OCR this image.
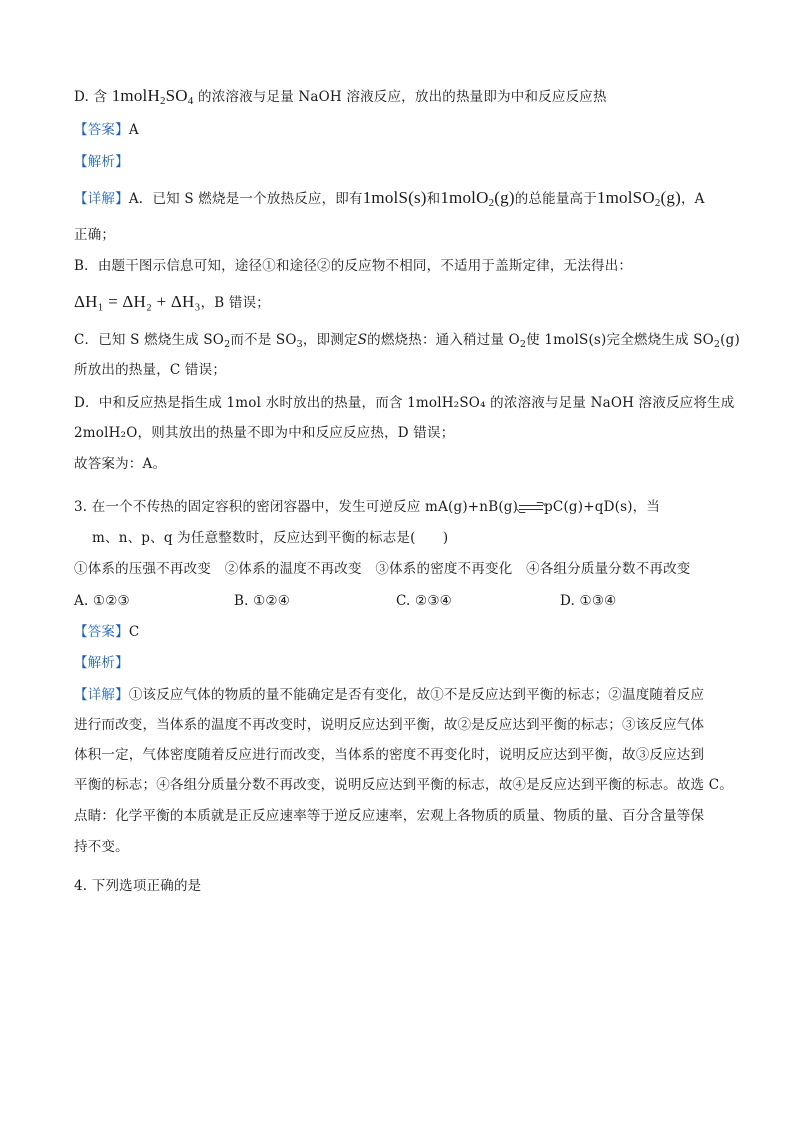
D. 含 $1molH_2SO_4$ 的浓溶液与足量 NaOH 溶液反应，放出的热量即为中和反应反应热
【答案】A
【解析】
【详解】A．已知 S 燃烧是一个放热反应，即有1molS(s)和1molO$_2$(g)的总能量高于1molSO$_2$(g)，A
正确；
B．由题干图示信息可知，途径①和途径②的反应物不相同，不适用于盖斯定律，无法得出：
ΔH₁ = ΔH₂ + ΔH₃，B 错误；
C．已知 S 燃烧生成 $SO_2$而不是 $SO_3$，即测定S的燃烧热：通入稍过量 $O_2$使 1molS(s)完全燃烧生成 $SO_2(g)$
所放出的热量，C 错误；
D．中和反应热是指生成 1mol 水时放出的热量，而含 1molH₂SO₄ 的浓溶液与足量 NaOH 溶液反应将生成
2molH₂O，则其放出的热量不即为中和反应反应热，D 错误；
故答案为：A。
3. 在一个不传热的固定容积的密闭容器中，发生可逆反应 mA(g)+nB(g)→pC(g)+qD(s)，当
m、n、p、q 为任意整数时，反应达到平衡的标志是(　　)
①体系的压强不再改变　②体系的温度不再改变　③体系的密度不再变化　④各组分质量分数不再改变
A. ①②③	B. ①②④	C. ②③④	D. ①③④
【答案】C
【解析】
【详解】①该反应气体的物质的量不能确定是否有变化，故①不是反应达到平衡的标志；②温度随着反应
进行而改变，当体系的温度不再改变时，说明反应达到平衡，故②是反应达到平衡的标志；③该反应气体
体积一定，气体密度随着反应进行而改变，当体系的密度不再变化时，说明反应达到平衡，故③反应达到
平衡的标志；④各组分质量分数不再改变，说明反应达到平衡的标志，故④是反应达到平衡的标志。故选 C。
点睛：化学平衡的本质就是正反应速率等于逆反应速率，宏观上各物质的质量、物质的量、百分含量等保
持不变。
4. 下列选项正确的是
